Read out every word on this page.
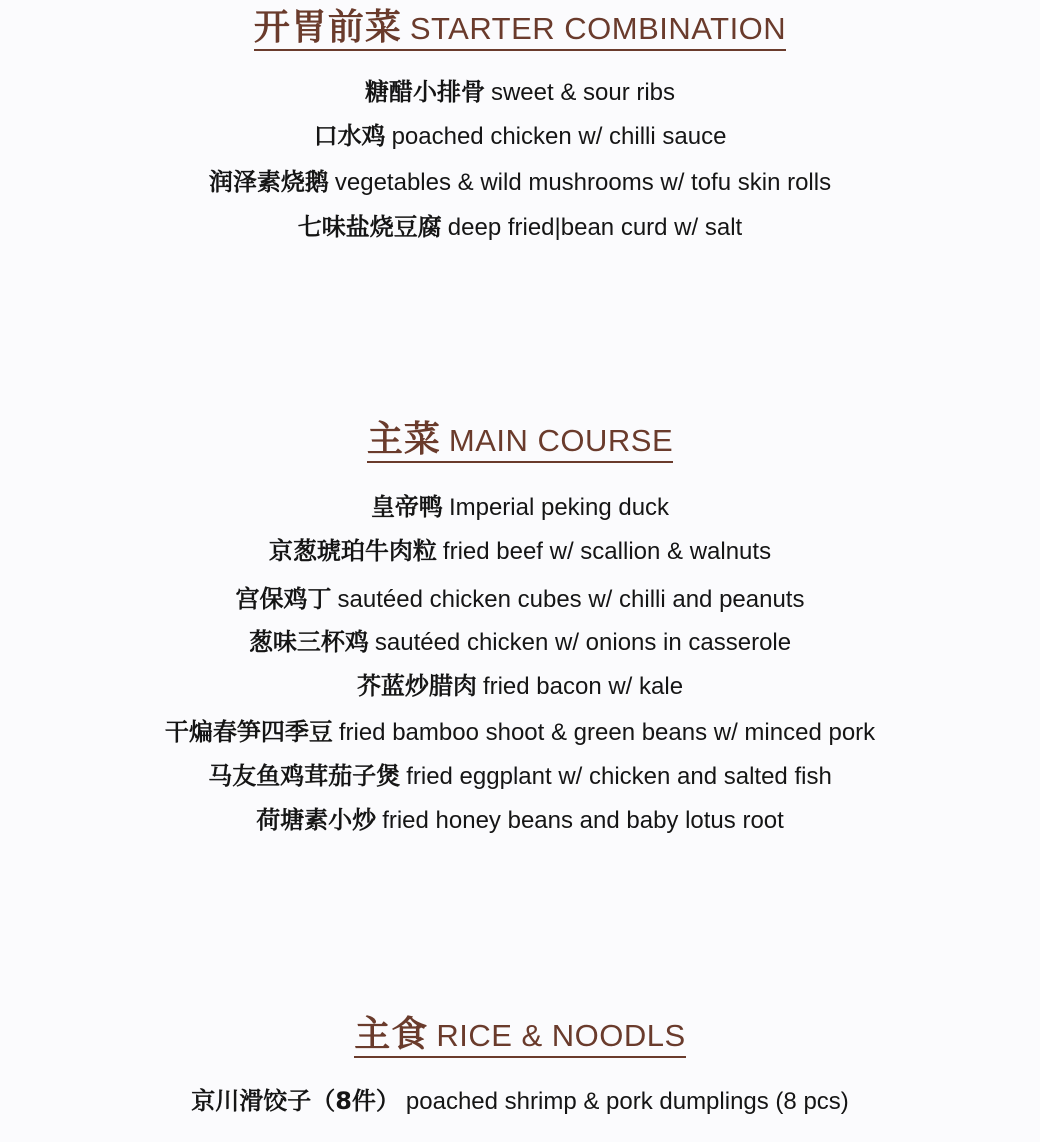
开胃前菜 STARTER COMBINATION
糖醋小排骨 sweet & sour ribs
口水鸡 poached chicken w/ chilli sauce
润泽素烧鹅 vegetables & wild mushrooms w/ tofu skin rolls
七味盐烧豆腐 deep fried|bean curd w/ salt
主菜 MAIN COURSE
皇帝鸭 Imperial peking duck
京葱琥珀牛肉粒 fried beef w/ scallion & walnuts
宫保鸡丁 sautéed chicken cubes w/ chilli and peanuts
葱味三杯鸡 sautéed chicken w/ onions in casserole
芥蓝炒腊肉 fried bacon w/ kale
干煸春笋四季豆 fried bamboo shoot & green beans w/ minced pork
马友鱼鸡茸茄子煲 fried eggplant w/ chicken and salted fish
荷塘素小炒 fried honey beans and baby lotus root
主食 RICE & NOODLS
京川滑饺子（8件） poached shrimp & pork dumplings (8 pcs)
